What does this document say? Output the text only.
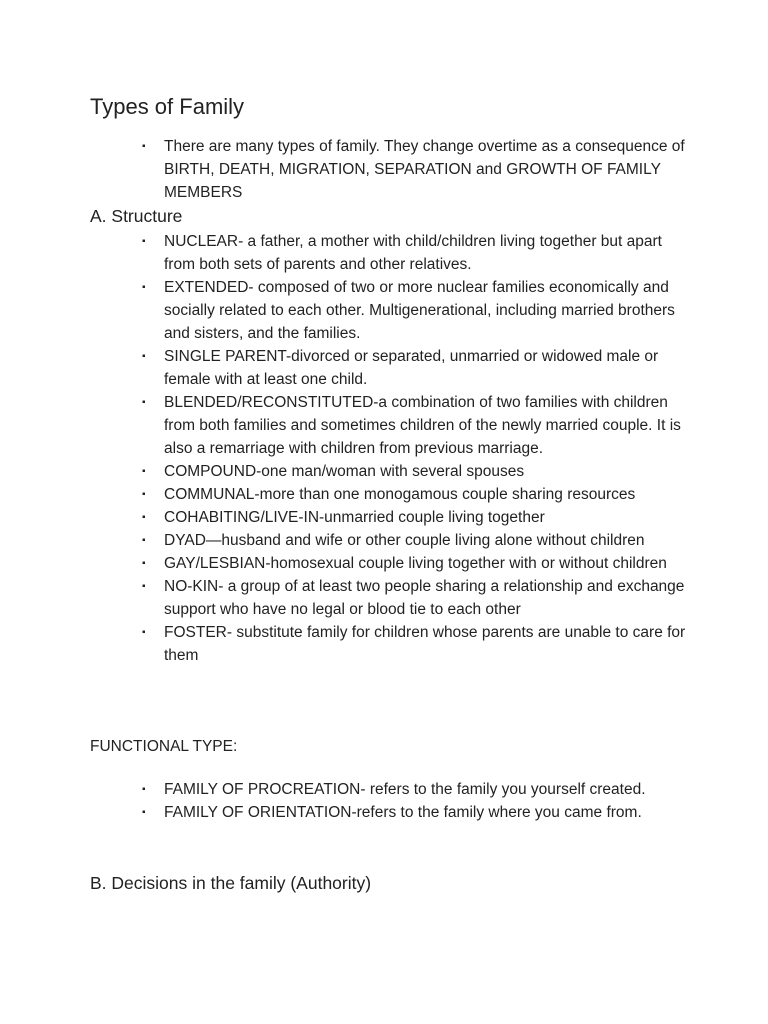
Types of Family
▪ There are many types of family. They change overtime as a consequence of BIRTH, DEATH, MIGRATION, SEPARATION and GROWTH OF FAMILY MEMBERS
A. Structure
▪ NUCLEAR- a father, a mother with child/children living together but apart from both sets of parents and other relatives.
▪ EXTENDED- composed of two or more nuclear families economically and socially related to each other. Multigenerational, including married brothers and sisters, and the families.
▪ SINGLE PARENT-divorced or separated, unmarried or widowed male or female with at least one child.
▪ BLENDED/RECONSTITUTED-a combination of two families with children from both families and sometimes children of the newly married couple. It is also a remarriage with children from previous marriage.
▪ COMPOUND-one man/woman with several spouses
▪ COMMUNAL-more than one monogamous couple sharing resources
▪ COHABITING/LIVE-IN-unmarried couple living together
▪ DYAD—husband and wife or other couple living alone without children
▪ GAY/LESBIAN-homosexual couple living together with or without children
▪ NO-KIN- a group of at least two people sharing a relationship and exchange support who have no legal or blood tie to each other
▪ FOSTER- substitute family for children whose parents are unable to care for them

FUNCTIONAL TYPE:

▪ FAMILY OF PROCREATION- refers to the family you yourself created.
▪ FAMILY OF ORIENTATION-refers to the family where you came from.
B. Decisions in the family (Authority)
